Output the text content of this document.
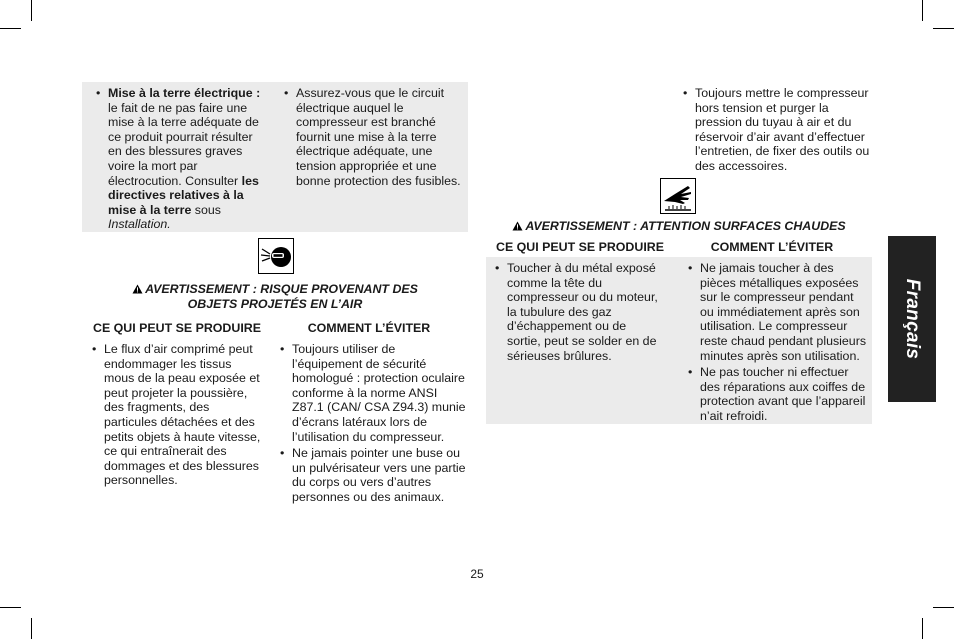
• Mise à la terre électrique : le fait de ne pas faire une mise à la terre adéquate de ce produit pourrait résulter en des blessures graves voire la mort par électrocution. Consulter les directives relatives à la mise à la terre sous Installation.
• Assurez-vous que le circuit électrique auquel le compresseur est branché fournit une mise à la terre électrique adéquate, une tension appropriée et une bonne protection des fusibles.
• Toujours mettre le compresseur hors tension et purger la pression du tuyau à air et du réservoir d’air avant d’effectuer l’entretien, de fixer des outils ou des accessoires.
AVERTISSEMENT : RISQUE PROVENANT DES
OBJETS PROJETÉS EN L’AIR
CE QUI PEUT SE PRODUIRE	COMMENT L’ÉVITER
• Le flux d’air comprimé peut endommager les tissus mous de la peau exposée et peut projeter la poussière, des fragments, des particules détachées et des petits objets à haute vitesse, ce qui entraînerait des dommages et des blessures personnelles.
• Toujours utiliser de l’équipement de sécurité homologué : protection oculaire conforme à la norme ANSI Z87.1 (CAN/ CSA Z94.3) munie d’écrans latéraux lors de l’utilisation du compresseur.
• Ne jamais pointer une buse ou un pulvérisateur vers une partie du corps ou vers d’autres personnes ou des animaux.
AVERTISSEMENT : ATTENTION SURFACES CHAUDES
CE QUI PEUT SE PRODUIRE	COMMENT L’ÉVITER
• Toucher à du métal exposé comme la tête du compresseur ou du moteur, la tubulure des gaz d’échappement ou de sortie, peut se solder en de sérieuses brûlures.
• Ne jamais toucher à des pièces métalliques exposées sur le compresseur pendant ou immédiatement après son utilisation. Le compresseur reste chaud pendant plusieurs minutes après son utilisation.
• Ne pas toucher ni effectuer des réparations aux coiffes de protection avant que l’appareil n’ait refroidi.
Français
25
